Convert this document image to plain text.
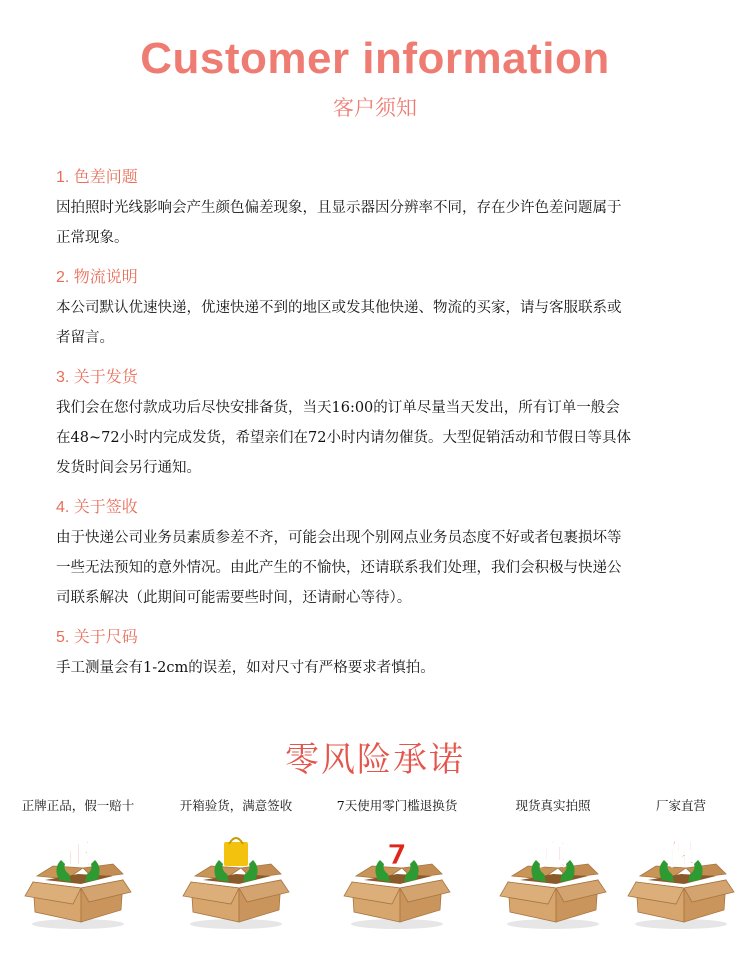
Customer information
客户须知
1. 色差问题
因拍照时光线影响会产生颜色偏差现象，且显示器因分辨率不同，存在少许色差问题属于
正常现象。
2. 物流说明
本公司默认优速快递，优速快递不到的地区或发其他快递、物流的买家，请与客服联系或
者留言。
3. 关于发货
我们会在您付款成功后尽快安排备货，当天16:00的订单尽量当天发出，所有订单一般会
在48~72小时内完成发货，希望亲们在72小时内请勿催货。大型促销活动和节假日等具体
发货时间会另行通知。
4. 关于签收
由于快递公司业务员素质参差不齐，可能会出现个别网点业务员态度不好或者包裹损坏等
一些无法预知的意外情况。由此产生的不愉快，还请联系我们处理，我们会积极与快递公
司联系解决（此期间可能需要些时间，还请耐心等待）。
5. 关于尺码
手工测量会有1-2cm的误差，如对尺寸有严格要求者慎拍。
零风险承诺
正牌正品，假一赔十
正
开箱验货，满意签收	7天使用零门槛退换货
7
现货真实拍照
真
厂家直营
保
